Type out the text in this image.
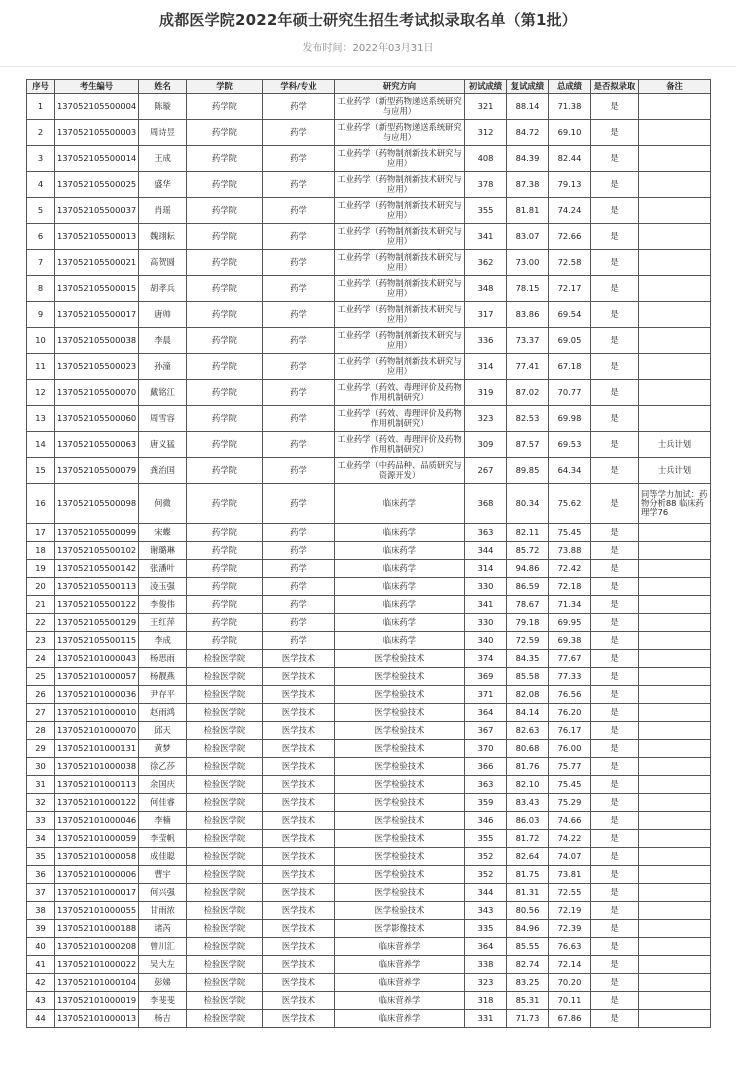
成都医学院2022年硕士研究生招生考试拟录取名单（第1批）
发布时间：2022年03月31日
序号	考生编号	姓名	学院	学科/专业	研究方向	初试成绩	复试成绩	总成绩	是否拟录取	备注
1	137052105500004	陈璇	药学院	药学	工业药学（新型药物递送系统研究与应用）	321	88.14	71.38	是	
2	137052105500003	周诗昱	药学院	药学	工业药学（新型药物递送系统研究与应用）	312	84.72	69.10	是	
3	137052105500014	王成	药学院	药学	工业药学（药物制剂新技术研究与应用）	408	84.39	82.44	是	
4	137052105500025	盛华	药学院	药学	工业药学（药物制剂新技术研究与应用）	378	87.38	79.13	是	
5	137052105500037	肖瑶	药学院	药学	工业药学（药物制剂新技术研究与应用）	355	81.81	74.24	是	
6	137052105500013	魏翊耘	药学院	药学	工业药学（药物制剂新技术研究与应用）	341	83.07	72.66	是	
7	137052105500021	高贺圆	药学院	药学	工业药学（药物制剂新技术研究与应用）	362	73.00	72.58	是	
8	137052105500015	胡孝兵	药学院	药学	工业药学（药物制剂新技术研究与应用）	348	78.15	72.17	是	
9	137052105500017	唐帅	药学院	药学	工业药学（药物制剂新技术研究与应用）	317	83.86	69.54	是	
10	137052105500038	李晨	药学院	药学	工业药学（药物制剂新技术研究与应用）	336	73.37	69.05	是	
11	137052105500023	孙潼	药学院	药学	工业药学（药物制剂新技术研究与应用）	314	77.41	67.18	是	
12	137052105500070	戴铭江	药学院	药学	工业药学（药效、毒理评价及药物作用机制研究）	319	87.02	70.77	是	
13	137052105500060	周雪容	药学院	药学	工业药学（药效、毒理评价及药物作用机制研究）	323	82.53	69.98	是	
14	137052105500063	唐义猛	药学院	药学	工业药学（药效、毒理评价及药物作用机制研究）	309	87.57	69.53	是	士兵计划
15	137052105500079	龚治国	药学院	药学	工业药学（中药品种、品质研究与资源开发）	267	89.85	64.34	是	士兵计划
16	137052105500098	何微	药学院	药学	临床药学	368	80.34	75.62	是	同等学力加试：药物分析88 临床药理学76
17	137052105500099	宋蝶	药学院	药学	临床药学	363	82.11	75.45	是	
18	137052105500102	谢璐琳	药学院	药学	临床药学	344	85.72	73.88	是	
19	137052105500142	张潘叶	药学院	药学	临床药学	314	94.86	72.42	是	
20	137052105500113	凌玉强	药学院	药学	临床药学	330	86.59	72.18	是	
21	137052105500122	李俊伟	药学院	药学	临床药学	341	78.67	71.34	是	
22	137052105500129	王红萍	药学院	药学	临床药学	330	79.18	69.95	是	
23	137052105500115	李成	药学院	药学	临床药学	340	72.59	69.38	是	
24	137052101000043	杨思雨	检验医学院	医学技术	医学检验技术	374	84.35	77.67	是	
25	137052101000057	杨靓燕	检验医学院	医学技术	医学检验技术	369	85.58	77.33	是	
26	137052101000036	尹存平	检验医学院	医学技术	医学检验技术	371	82.08	76.56	是	
27	137052101000010	赵雨鸿	检验医学院	医学技术	医学检验技术	364	84.14	76.20	是	
28	137052101000070	邱天	检验医学院	医学技术	医学检验技术	367	82.63	76.17	是	
29	137052101000131	黄梦	检验医学院	医学技术	医学检验技术	370	80.68	76.00	是	
30	137052101000038	徐乙莎	检验医学院	医学技术	医学检验技术	366	81.76	75.77	是	
31	137052101000113	余国庆	检验医学院	医学技术	医学检验技术	363	82.10	75.45	是	
32	137052101000122	何佳睿	检验医学院	医学技术	医学检验技术	359	83.43	75.29	是	
33	137052101000046	李楠	检验医学院	医学技术	医学检验技术	346	86.03	74.66	是	
34	137052101000059	李莹帆	检验医学院	医学技术	医学检验技术	355	81.72	74.22	是	
35	137052101000058	成佳聪	检验医学院	医学技术	医学检验技术	352	82.64	74.07	是	
36	137052101000006	曹宇	检验医学院	医学技术	医学检验技术	352	81.75	73.81	是	
37	137052101000017	何兴强	检验医学院	医学技术	医学检验技术	344	81.31	72.55	是	
38	137052101000055	甘雨浓	检验医学院	医学技术	医学检验技术	343	80.56	72.19	是	
39	137052101000188	诸芮	检验医学院	医学技术	医学影像技术	335	84.96	72.39	是	
40	137052101000208	曾川汇	检验医学院	医学技术	临床营养学	364	85.55	76.63	是	
41	137052101000022	吴大左	检验医学院	医学技术	临床营养学	338	82.74	72.14	是	
42	137052101000104	彭娣	检验医学院	医学技术	临床营养学	323	83.25	70.20	是	
43	137052101000019	李斐斐	检验医学院	医学技术	临床营养学	318	85.31	70.11	是	
44	137052101000013	杨吉	检验医学院	医学技术	临床营养学	331	71.73	67.86	是	
